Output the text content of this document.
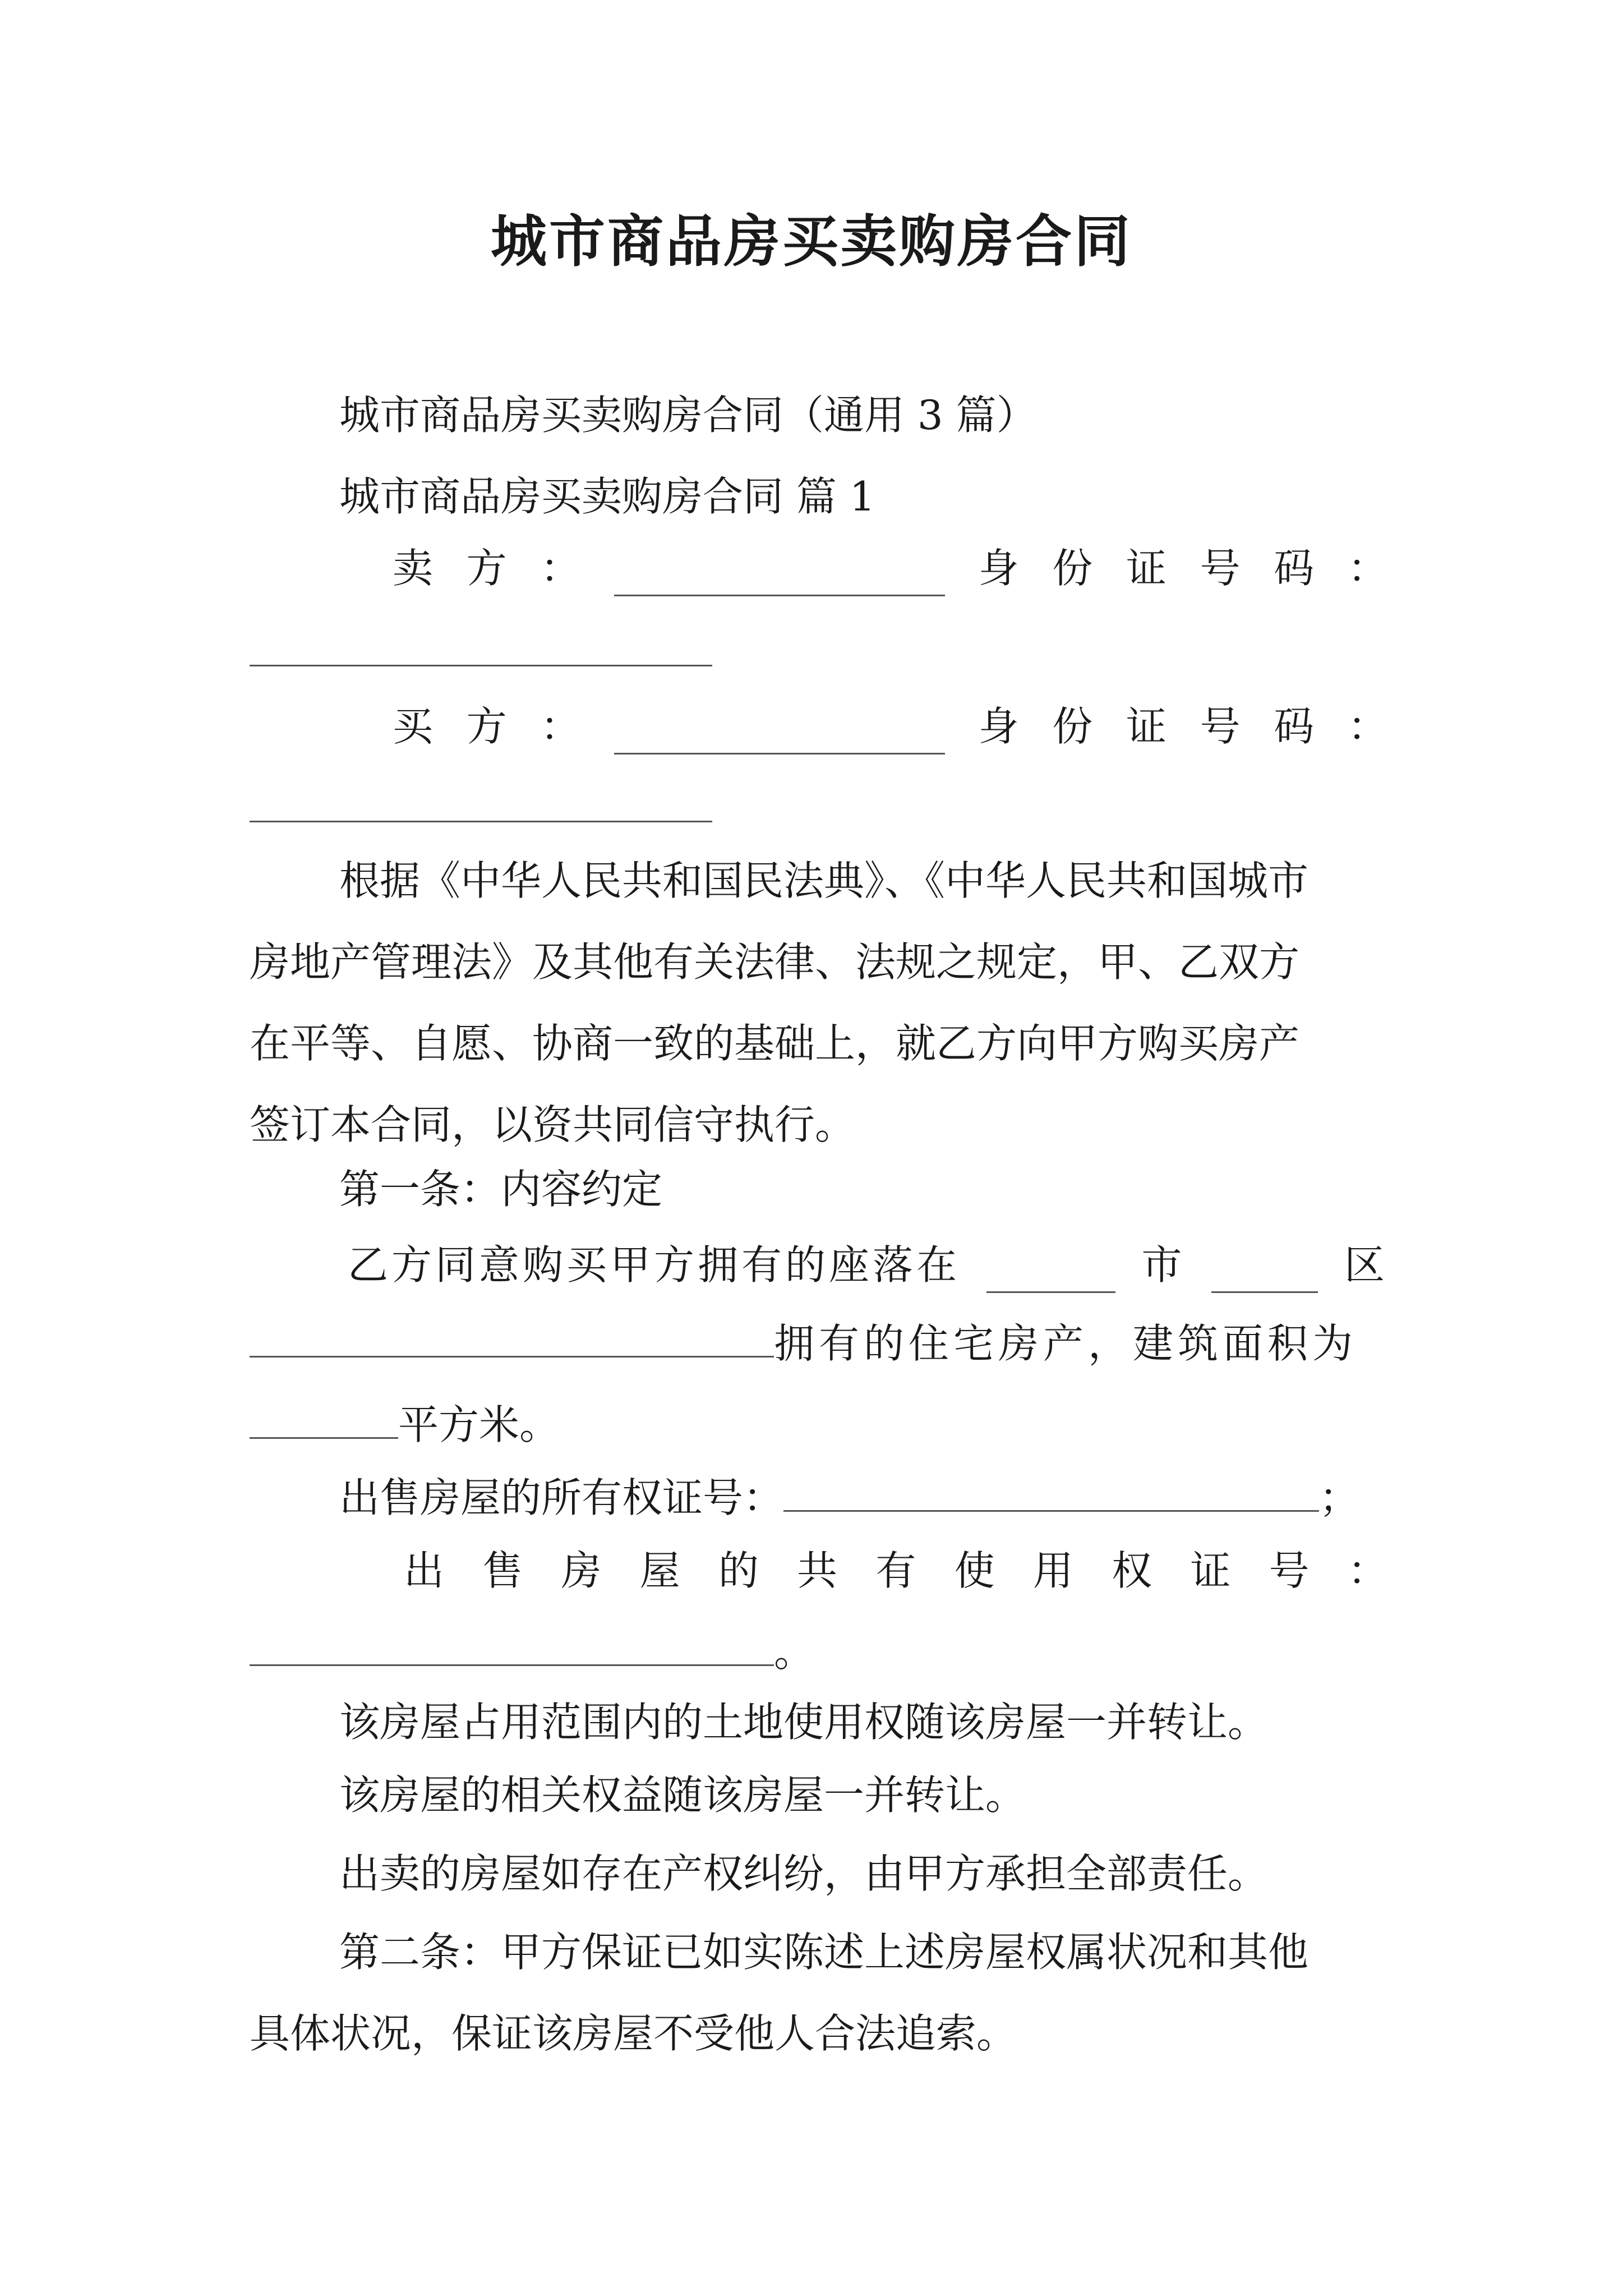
城市商品房买卖购房合同
城市商品房买卖购房合同（通用 3 篇）
城市商品房买卖购房合同 篇 1
卖 方 ：	身 份 证 号 码 ：
买 方 ：	身 份 证 号 码 ：
根据《中华人民共和国民法典》、《中华人民共和国城市
房地产管理法》及其他有关法律、法规之规定，甲、乙双方
在平等、自愿、协商一致的基础上，就乙方向甲方购买房产
签订本合同，以资共同信守执行。
第一条：内容约定
乙方同意购买甲方拥有的座落在	市	区
拥有的住宅房产，建筑面积为
平方米。
出售房屋的所有权证号：	；
出 售 房 屋 的 共 有 使 用 权 证 号 ：
。
该房屋占用范围内的土地使用权随该房屋一并转让。
该房屋的相关权益随该房屋一并转让。
出卖的房屋如存在产权纠纷，由甲方承担全部责任。
第二条：甲方保证已如实陈述上述房屋权属状况和其他
具体状况，保证该房屋不受他人合法追索。
